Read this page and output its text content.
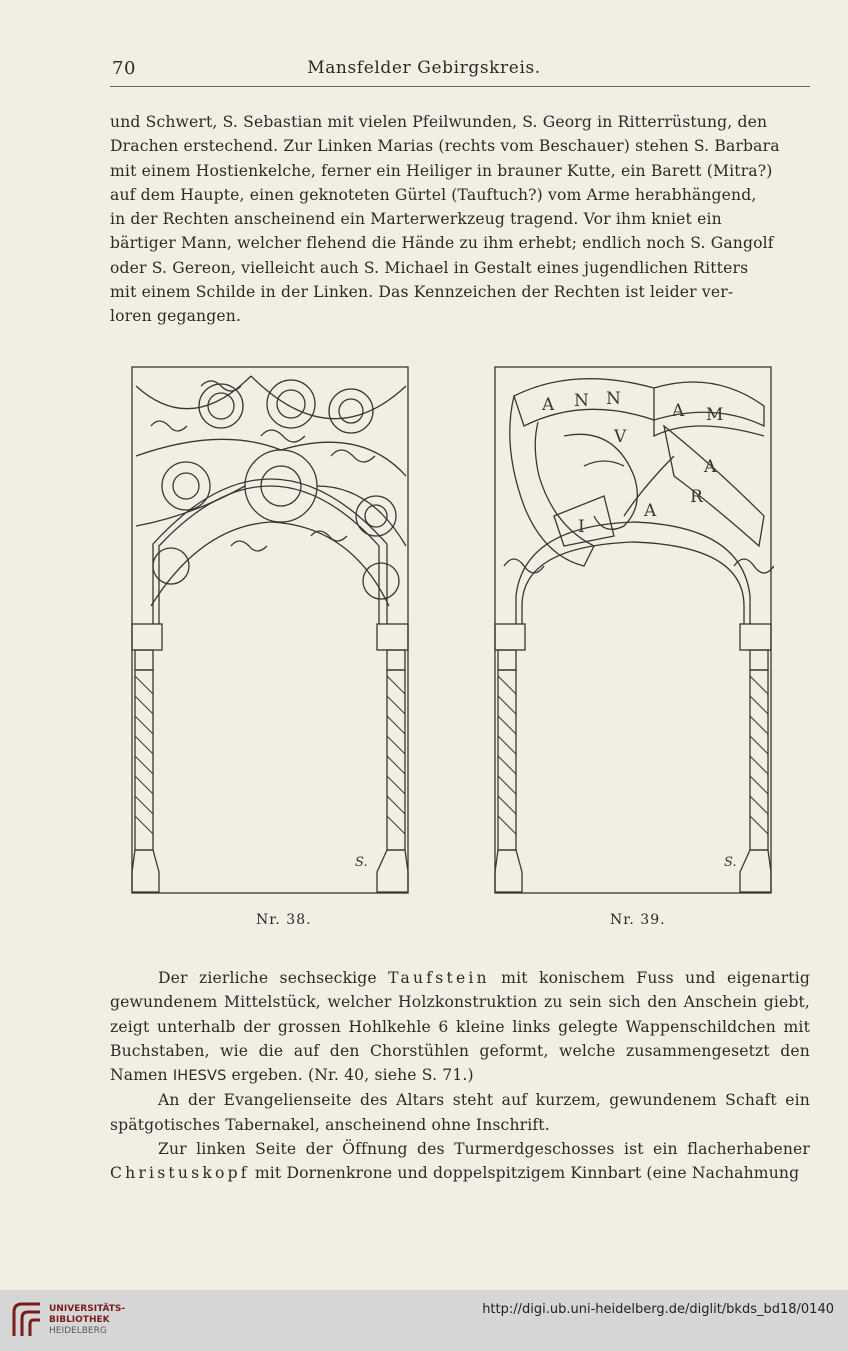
70	Mansfelder Gebirgskreis.

und Schwert, S. Sebastian mit vielen Pfeilwunden, S. Georg in Ritterrüstung, den

Drachen erstechend. Zur Linken Marias (rechts vom Beschauer) stehen S. Barbara

mit einem Hostienkelche, ferner ein Heiliger in brauner Kutte, ein Barett (Mitra?)

auf dem Haupte, einen geknoteten Gürtel (Tauftuch?) vom Arme herabhängend,

in der Rechten anscheinend ein Marterwerkzeug tragend. Vor ihm kniet ein

bärtiger Mann, welcher flehend die Hände zu ihm erhebt; endlich noch S. Gangolf

oder S. Gereon, vielleicht auch S. Michael in Gestalt eines jugendlichen Ritters

mit einem Schilde in der Linken. Das Kennzeichen der Rechten ist leider ver-

loren gegangen.

S.
A N N
V
A M
A
R
I
A
S.
Nr. 38.	Nr. 39.

Der zierliche sechseckige Taufstein mit konischem Fuss und eigenartig gewundenem Mittelstück, welcher Holzkonstruktion zu sein sich den Anschein giebt, zeigt unterhalb der grossen Hohlkehle 6 kleine links gelegte Wappenschildchen mit Buchstaben, wie die auf den Chorstühlen geformt, welche zusammengesetzt den Namen IHESVS ergeben. (Nr. 40, siehe S. 71.)

An der Evangelienseite des Altars steht auf kurzem, gewundenem Schaft ein spätgotisches Tabernakel, anscheinend ohne Inschrift.

Zur linken Seite der Öffnung des Turmerdgeschosses ist ein flacherhabener Christuskopf mit Dornenkrone und doppelspitzigem Kinnbart (eine Nachahmung

UNIVERSITÄTS-
BIBLIOTHEK
HEIDELBERG
http://digi.ub.uni-heidelberg.de/diglit/bkds_bd18/0140
